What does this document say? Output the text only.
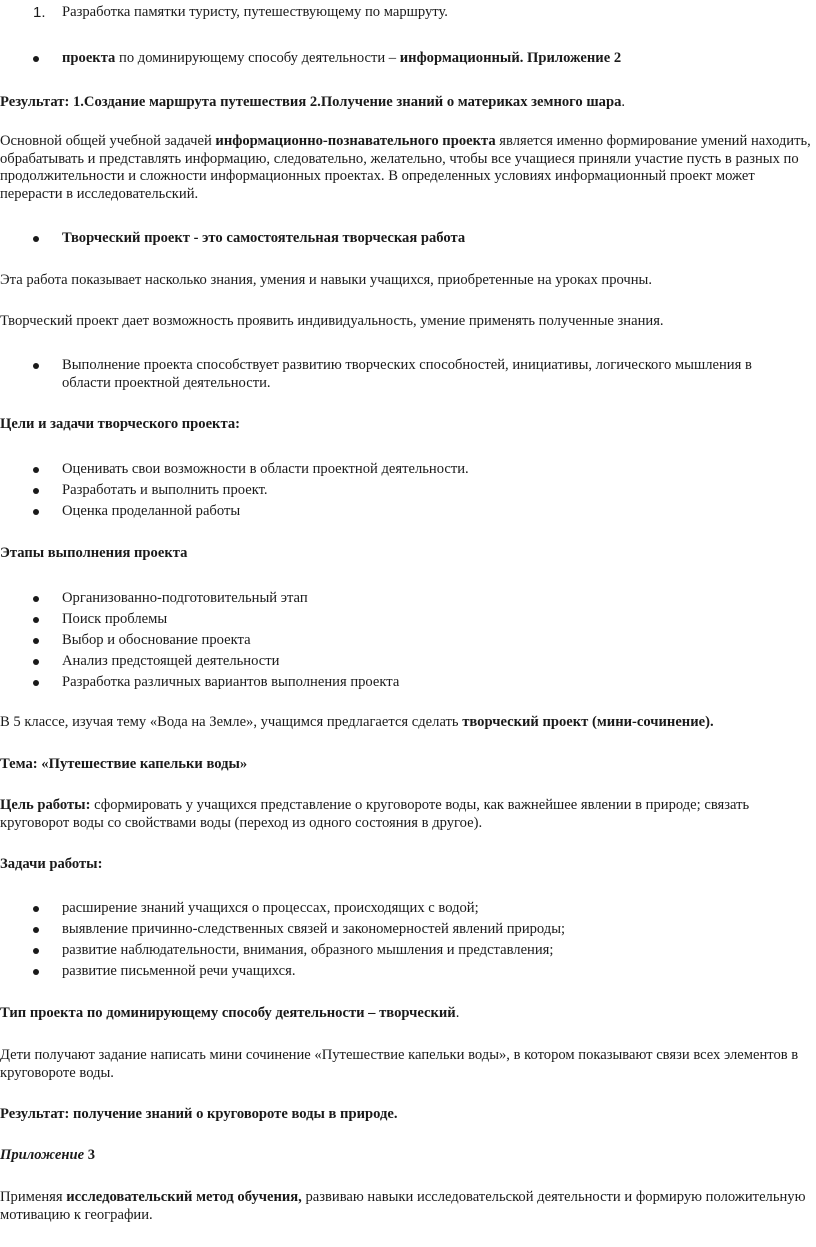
1. Разработка памятки туристу, путешествующему по маршруту.
проекта по доминирующему способу деятельности – информационный. Приложение 2
Результат: 1.Создание маршрута путешествия 2.Получение знаний о материках земного шара.
Основной общей учебной задачей информационно-познавательного проекта является именно формирование умений находить, обрабатывать и представлять информацию, следовательно, желательно, чтобы все учащиеся приняли участие пусть в разных по продолжительности и сложности информационных проектах. В определенных условиях информационный проект может перерасти в исследовательский.
Творческий проект - это самостоятельная творческая работа
Эта работа показывает насколько знания, умения и навыки учащихся, приобретенные на уроках прочны.
Творческий проект дает возможность проявить индивидуальность, умение применять полученные знания.
Выполнение проекта способствует развитию творческих способностей, инициативы, логического мышления в области проектной деятельности.
Цели и задачи творческого проекта:
Оценивать свои возможности в области проектной деятельности.
Разработать и выполнить проект.
Оценка проделанной работы
Этапы выполнения проекта
Организованно-подготовительный этап
Поиск проблемы
Выбор и обоснование проекта
Анализ предстоящей деятельности
Разработка различных вариантов выполнения проекта
В 5 классе, изучая тему «Вода на Земле», учащимся предлагается сделать творческий проект (мини-сочинение).
Тема: «Путешествие капельки воды»
Цель работы: сформировать у учащихся представление о круговороте воды, как важнейшее явлении в природе; связать круговорот воды со свойствами воды (переход из одного состояния в другое).
Задачи работы:
расширение знаний учащихся о процессах, происходящих с водой;
выявление причинно-следственных связей и закономерностей явлений природы;
развитие наблюдательности, внимания, образного мышления и представления;
развитие письменной речи учащихся.
Тип проекта по доминирующему способу деятельности – творческий.
Дети получают задание написать мини сочинение «Путешествие капельки воды», в котором показывают связи всех элементов в круговороте воды.
Результат: получение знаний о круговороте воды в природе.
Приложение 3
Применяя исследовательский метод обучения, развиваю навыки исследовательской деятельности и формирую положительную мотивацию к географии.
